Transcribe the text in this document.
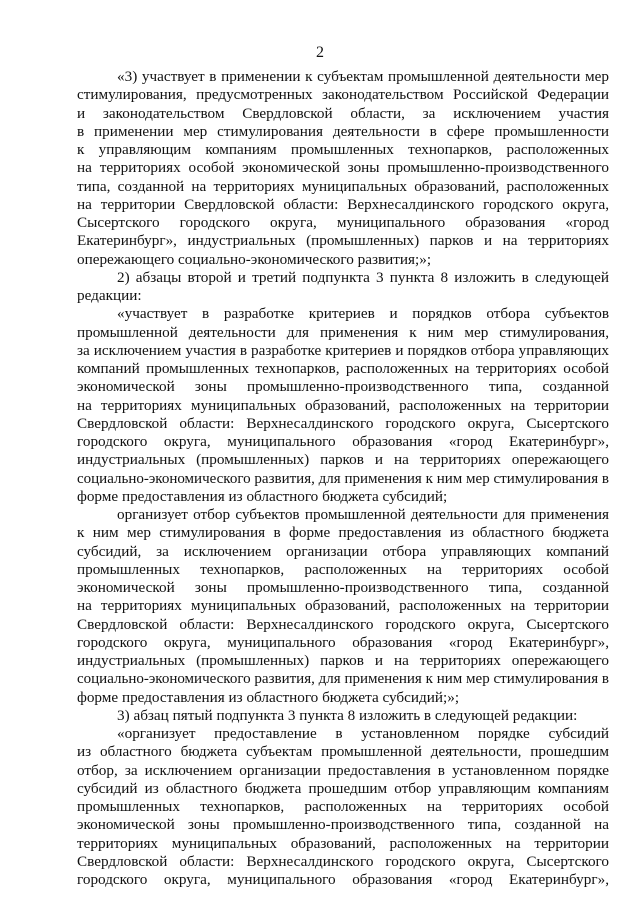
2
«3) участвует в применении к субъектам промышленной деятельности мер
стимулирования, предусмотренных законодательством Российской Федерации
и законодательством Свердловской области, за исключением участия
в применении мер стимулирования деятельности в сфере промышленности
к управляющим компаниям промышленных технопарков, расположенных
на территориях особой экономической зоны промышленно-производственного
типа, созданной на территориях муниципальных образований, расположенных
на территории Свердловской области: Верхнесалдинского городского округа,
Сысертского городского округа, муниципального образования «город
Екатеринбург», индустриальных (промышленных) парков и на территориях
опережающего социально-экономического развития;»;
2) абзацы второй и третий подпункта 3 пункта 8 изложить в следующей
редакции:
«участвует в разработке критериев и порядков отбора субъектов
промышленной деятельности для применения к ним мер стимулирования,
за исключением участия в разработке критериев и порядков отбора управляющих
компаний промышленных технопарков, расположенных на территориях особой
экономической зоны промышленно-производственного типа, созданной
на территориях муниципальных образований, расположенных на территории
Свердловской области: Верхнесалдинского городского округа, Сысертского
городского округа, муниципального образования «город Екатеринбург»,
индустриальных (промышленных) парков и на территориях опережающего
социально-экономического развития, для применения к ним мер стимулирования в
форме предоставления из областного бюджета субсидий;
организует отбор субъектов промышленной деятельности для применения
к ним мер стимулирования в форме предоставления из областного бюджета
субсидий, за исключением организации отбора управляющих компаний
промышленных технопарков, расположенных на территориях особой
экономической зоны промышленно-производственного типа, созданной
на территориях муниципальных образований, расположенных на территории
Свердловской области: Верхнесалдинского городского округа, Сысертского
городского округа, муниципального образования «город Екатеринбург»,
индустриальных (промышленных) парков и на территориях опережающего
социально-экономического развития, для применения к ним мер стимулирования в
форме предоставления из областного бюджета субсидий;»;
3) абзац пятый подпункта 3 пункта 8 изложить в следующей редакции:
«организует предоставление в установленном порядке субсидий
из областного бюджета субъектам промышленной деятельности, прошедшим
отбор, за исключением организации предоставления в установленном порядке
субсидий из областного бюджета прошедшим отбор управляющим компаниям
промышленных технопарков, расположенных на территориях особой
экономической зоны промышленно-производственного типа, созданной на
территориях муниципальных образований, расположенных на территории
Свердловской области: Верхнесалдинского городского округа, Сысертского
городского округа, муниципального образования «город Екатеринбург»,
